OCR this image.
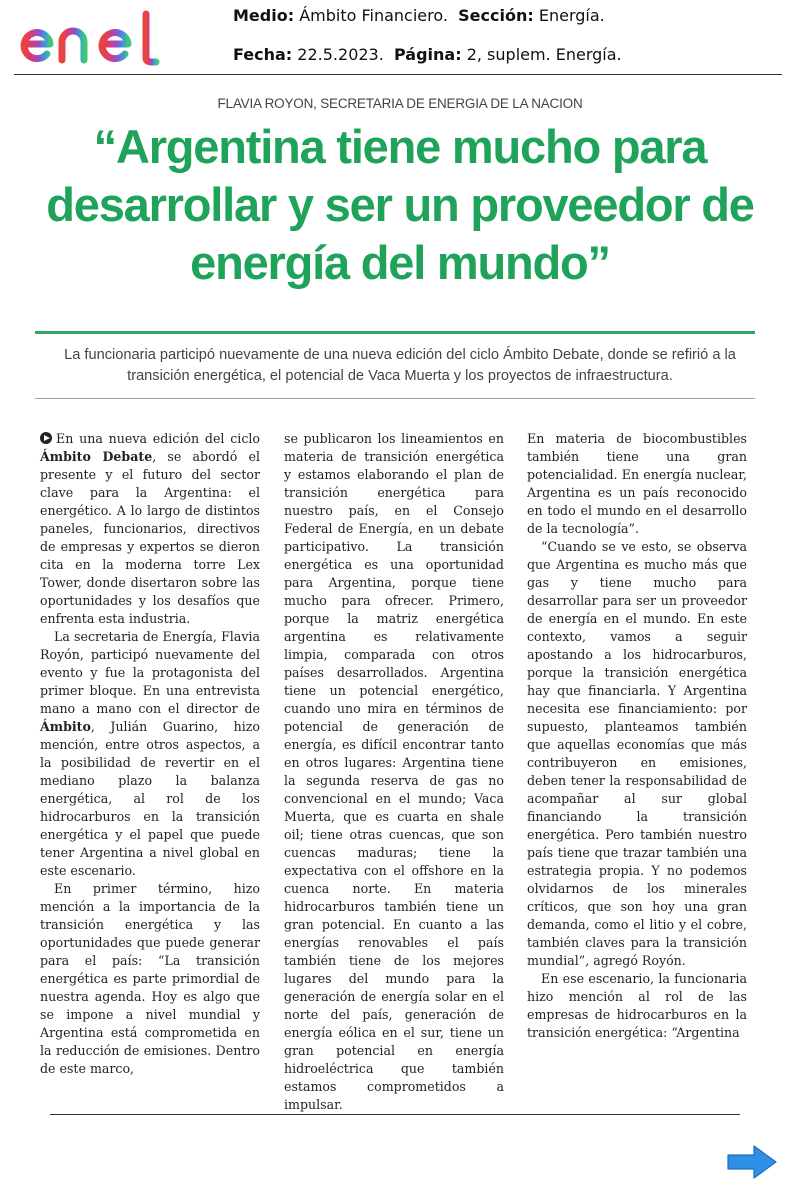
Medio: Ámbito Financiero. Sección: Energía.
Fecha: 22.5.2023. Página: 2, suplem. Energía.
FLAVIA ROYON, SECRETARIA DE ENERGIA DE LA NACION
“Argentina tiene mucho para desarrollar y ser un proveedor de energía del mundo”

La funcionaria participó nuevamente de una nueva edición del ciclo Ámbito Debate, donde se refirió a la transición energética, el potencial de Vaca Muerta y los proyectos de infraestructura.

En una nueva edición del ciclo Ámbito Debate, se abordó el presente y el futuro del sector clave para la Argentina: el energético. A lo largo de distintos paneles, funcionarios, directivos de empresas y expertos se dieron cita en la moderna torre Lex Tower, donde disertaron sobre las oportunidades y los desafíos que enfrenta esta industria.

La secretaria de Energía, Flavia Royón, participó nuevamente del evento y fue la protagonista del primer bloque. En una entrevista mano a mano con el director de Ámbito, Julián Guarino, hizo mención, entre otros aspectos, a la posibilidad de revertir en el mediano plazo la balanza energética, al rol de los hidrocarburos en la transición energética y el papel que puede tener Argentina a nivel global en este escenario.

En primer término, hizo mención a la importancia de la transición energética y las oportunidades que puede generar para el país: “La transición energética es parte primordial de nuestra agenda. Hoy es algo que se impone a nivel mundial y Argentina está comprometida en la reducción de emisiones. Dentro de este marco,

se publicaron los lineamientos en materia de transición energética y estamos elaborando el plan de transición energética para nuestro país, en el Consejo Federal de Energía, en un debate participativo. La transición energética es una oportunidad para Argentina, porque tiene mucho para ofrecer. Primero, porque la matriz energética argentina es relativamente limpia, comparada con otros países desarrollados. Argentina tiene un potencial energético, cuando uno mira en términos de potencial de generación de energía, es difícil encontrar tanto en otros lugares: Argentina tiene la segunda reserva de gas no convencional en el mundo; Vaca Muerta, que es cuarta en shale oil; tiene otras cuencas, que son cuencas maduras; tiene la expectativa con el offshore en la cuenca norte. En materia hidrocarburos también tiene un gran potencial. En cuanto a las energías renovables el país también tiene de los mejores lugares del mundo para la generación de energía solar en el norte del país, generación de energía eólica en el sur, tiene un gran potencial en energía hidroeléctrica que también estamos comprometidos a impulsar.

En materia de biocombustibles también tiene una gran potencialidad. En energía nuclear, Argentina es un país reconocido en todo el mundo en el desarrollo de la tecnología”.

“Cuando se ve esto, se observa que Argentina es mucho más que gas y tiene mucho para desarrollar para ser un proveedor de energía en el mundo. En este contexto, vamos a seguir apostando a los hidrocarburos, porque la transición energética hay que financiarla. Y Argentina necesita ese financiamiento: por supuesto, planteamos también que aquellas economías que más contribuyeron en emisiones, deben tener la responsabilidad de acompañar al sur global financiando la transición energética. Pero también nuestro país tiene que trazar también una estrategia propia. Y no podemos olvidarnos de los minerales críticos, que son hoy una gran demanda, como el litio y el cobre, también claves para la transición mundial”, agregó Royón.

En ese escenario, la funcionaria hizo mención al rol de las empresas de hidrocarburos en la transición energética: “Argentina
